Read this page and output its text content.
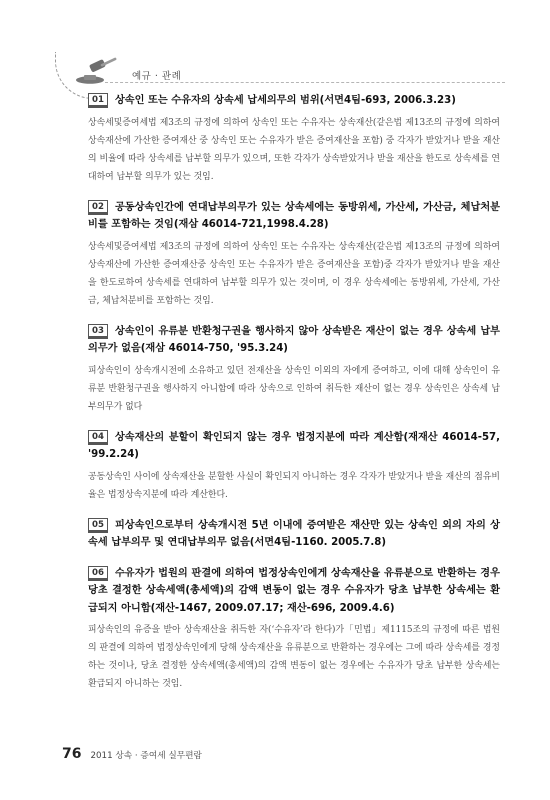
예규 · 관례

01 상속인 또는 수유자의 상속세 납세의무의 범위(서면4팀-693, 2006.3.23)

상속세및증여세법 제3조의 규정에 의하여 상속인 또는 수유자는 상속재산(같은법 제13조의 규정에 의하여 상속재산에 가산한 증여재산 중 상속인 또는 수유자가 받은 증여재산을 포함) 중 각자가 받았거나 받을 재산의 비율에 따라 상속세를 납부할 의무가 있으며, 또한 각자가 상속받았거나 받을 재산을 한도로 상속세를 연대하여 납부할 의무가 있는 것임.

02 공동상속인간에 연대납부의무가 있는 상속세에는 동방위세, 가산세, 가산금, 체납처분비를 포함하는 것임(재삼 46014-721,1998.4.28)

상속세및증여세법 제3조의 규정에 의하여 상속인 또는 수유자는 상속재산(같은법 제13조의 규정에 의하여 상속재산에 가산한 증여재산중 상속인 또는 수유자가 받은 증여재산을 포함)중 각자가 받았거나 받을 재산을 한도로하여 상속세를 연대하여 납부할 의무가 있는 것이며, 이 경우 상속세에는 동방위세, 가산세, 가산금, 체납처분비를 포함하는 것임.

03 상속인이 유류분 반환청구권을 행사하지 않아 상속받은 재산이 없는 경우 상속세 납부의무가 없음(재삼 46014-750, '95.3.24)

피상속인이 상속개시전에 소유하고 있던 전재산을 상속인 이외의 자에게 증여하고, 이에 대해 상속인이 유류분 반환청구권을 행사하지 아니함에 따라 상속으로 인하여 취득한 재산이 없는 경우 상속인은 상속세 납부의무가 없다

04 상속재산의 분할이 확인되지 않는 경우 법정지분에 따라 계산함(재재산 46014-57, '99.2.24)

공동상속인 사이에 상속재산을 분할한 사실이 확인되지 아니하는 경우 각자가 받았거나 받을 재산의 점유비율은 법정상속지분에 따라 계산한다.

05 피상속인으로부터 상속개시전 5년 이내에 증여받은 재산만 있는 상속인 외의 자의 상속세 납부의무 및 연대납부의무 없음(서면4팀-1160. 2005.7.8)

06 수유자가 법원의 판결에 의하여 법정상속인에게 상속재산을 유류분으로 반환하는 경우 당초 결정한 상속세액(총세액)의 감액 변동이 없는 경우 수유자가 당초 납부한 상속세는 환급되지 아니함(재산-1467, 2009.07.17; 재산-696, 2009.4.6)

피상속인의 유증을 받아 상속재산을 취득한 자(‘수유자’라 한다)가「민법」제1115조의 규정에 따른 법원의 판결에 의하여 법정상속인에게 당해 상속재산을 유류분으로 반환하는 경우에는 그에 따라 상속세를 경정하는 것이나, 당초 결정한 상속세액(총세액)의 감액 변동이 없는 경우에는 수유자가 당초 납부한 상속세는 환급되지 아니하는 것임.

76 2011 상속 · 증여세 실무편람
